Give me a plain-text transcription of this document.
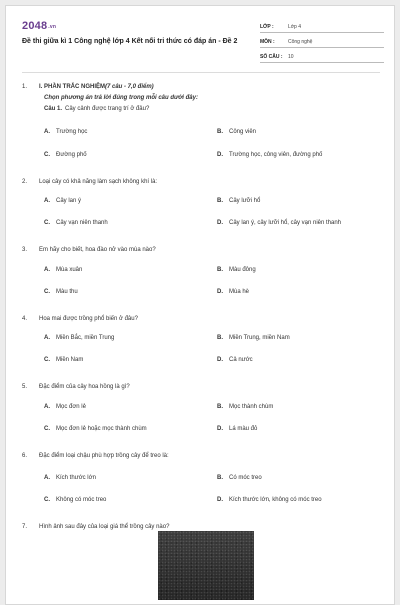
2048.vn
Đề thi giữa kì 1 Công nghệ lớp 4 Kết nối tri thức có đáp án - Đề 2
LỚP :	Lớp 4
MÔN :	Công nghệ
SỐ CÂU :	10
1. I. PHẦN TRẮC NGHIỆM(7 câu - 7,0 điểm)
Chọn phương án trả lời đúng trong mỗi câu dưới đây:
Câu 1. Cây cảnh được trang trí ở đâu?
A. Trường học	B. Công viên
C. Đường phố	D. Trường học, công viên, đường phố
2. Loại cây có khả năng làm sạch không khí là:
A. Cây lan ý	B. Cây lưỡi hổ
C. Cây vạn niên thanh	D. Cây lan ý, cây lưỡi hổ, cây vạn niên thanh
3. Em hãy cho biết, hoa đào nở vào mùa nào?
A. Mùa xuân	B. Màu đông
C. Màu thu	D. Mùa hè
4. Hoa mai được trồng phổ biến ở đâu?
A. Miền Bắc, miền Trung	B. Miền Trung, miền Nam
C. Miền Nam	D. Cả nước
5. Đặc điểm của cây hoa hồng là gì?
A. Mọc đơn lẻ	B. Mọc thành chùm
C. Mọc đơn lẻ hoặc mọc thành chùm	D. Lá màu đỏ
6. Đặc điểm loại chậu phù hợp trồng cây để treo là:
A. Kích thước lớn	B. Có móc treo
C. Không có móc treo	D. Kích thước lớn, không có móc treo
7. Hình ảnh sau đây của loại giá thể trồng cây nào?
